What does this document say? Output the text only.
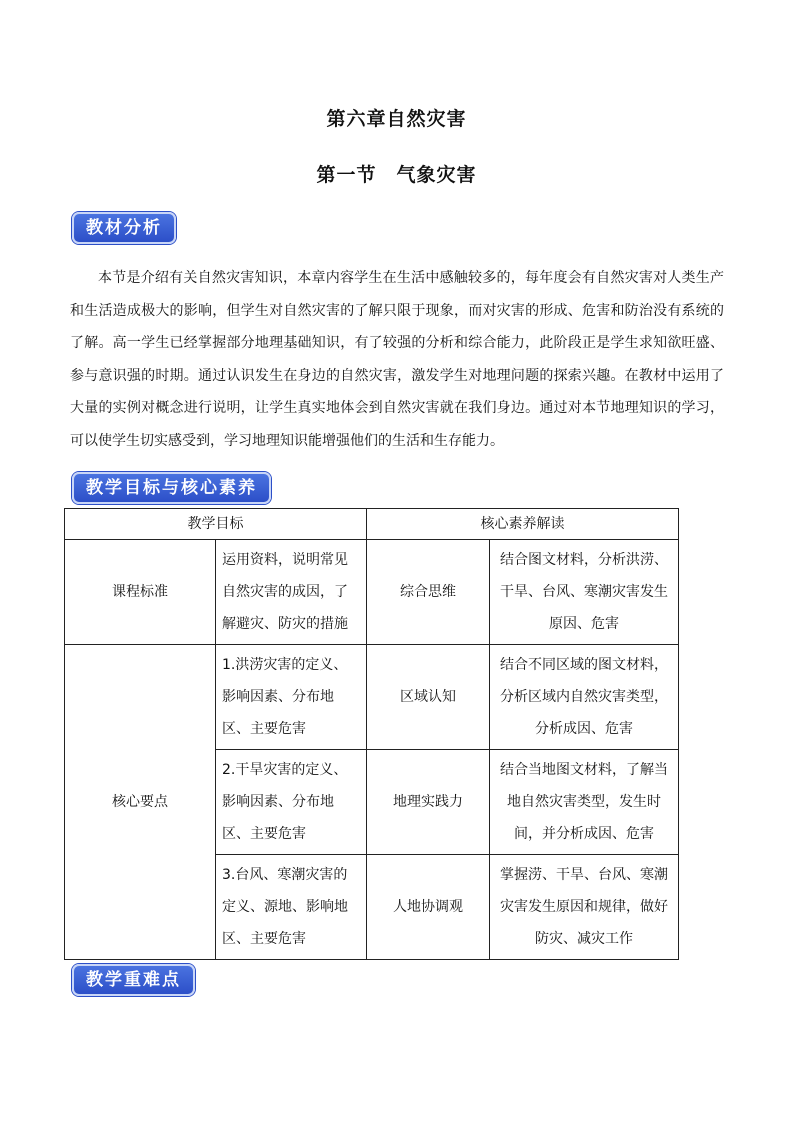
第六章自然灾害
第一节　气象灾害
教材分析

本节是介绍有关自然灾害知识，本章内容学生在生活中感触较多的，每年度会有自然灾害对人类生产和生活造成极大的影响，但学生对自然灾害的了解只限于现象，而对灾害的形成、危害和防治没有系统的了解。高一学生已经掌握部分地理基础知识，有了较强的分析和综合能力，此阶段正是学生求知欲旺盛、参与意识强的时期。通过认识发生在身边的自然灾害，激发学生对地理问题的探索兴趣。在教材中运用了大量的实例对概念进行说明，让学生真实地体会到自然灾害就在我们身边。通过对本节地理知识的学习，可以使学生切实感受到，学习地理知识能增强他们的生活和生存能力。

教学目标与核心素养
教学目标		核心素养解读	
课程标准	运用资料，说明常见自然灾害的成因，了解避灾、防灾的措施	综合思维	结合图文材料，分析洪涝、干旱、台风、寒潮灾害发生原因、危害
核心要点	1.洪涝灾害的定义、影响因素、分布地区、主要危害	区域认知	结合不同区域的图文材料，分析区域内自然灾害类型，分析成因、危害
	2.干旱灾害的定义、影响因素、分布地区、主要危害	地理实践力	结合当地图文材料，了解当地自然灾害类型，发生时间，并分析成因、危害
	3.台风、寒潮灾害的定义、源地、影响地区、主要危害	人地协调观	掌握涝、干旱、台风、寒潮灾害发生原因和规律，做好防灾、减灾工作
教学重难点
